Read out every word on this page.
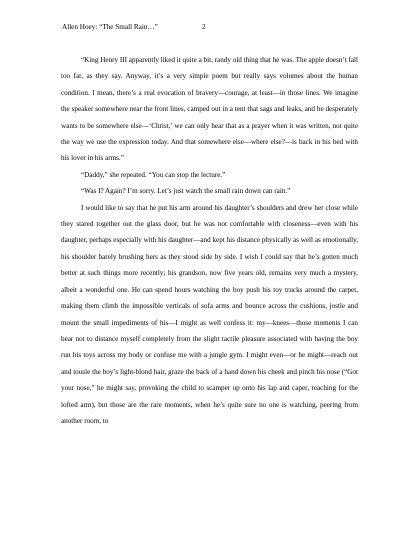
Allen Hoey: “The Small Rain…”	2

“King Henry III apparently liked it quite a bit, randy old thing that he was. The apple doesn’t fall too far, as they say. Anyway, it’s a very simple poem but really says volumes about the human condition. I mean, there’s a real evocation of bravery—courage, at least—in those lines. We imagine the speaker somewhere near the front lines, camped out in a tent that sags and leaks, and he desperately wants to be somewhere else—‘Christ,’ we can only hear that as a prayer when it was written, not quite the way we use the expression today. And that somewhere else—where else?—is back in his bed with his lover in his arms.”

“Daddy,” she repeated. “You can stop the lecture.”

“Was I? Again? I’m sorry. Let’s just watch the small rain down can rain.”

I would like to say that he put his arm around his daughter’s shoulders and drew her close while they stared together out the glass door, but he was not comfortable with closeness—even with his daughter, perhaps especially with his daughter—and kept his distance physically as well as emotionally, his shoulder barely brushing hers as they stood side by side. I wish I could say that he’s gotten much better at such things more recently; his grandson, now five years old, remains very much a mystery, albeit a wonderful one. He can spend hours watching the boy push his toy trucks around the carpet, making them climb the impossible verticals of sofa arms and bounce across the cushions, jostle and mount the small impediments of his—I might as well confess it: my—knees—those moments I can bear not to distance myself completely from the slight tactile pleasure associated with having the boy run his toys across my body or confuse me with a jungle gym. I might even—or he might—reach out and tousle the boy’s light-blond hair, graze the back of a hand down his cheek and pinch his nose (“Got your nose,” he might say, provoking the child to scamper up onto his lap and caper, reaching for the lofted arm), but those are the rare moments, when he’s quite sure no one is watching, peering from another room, to
